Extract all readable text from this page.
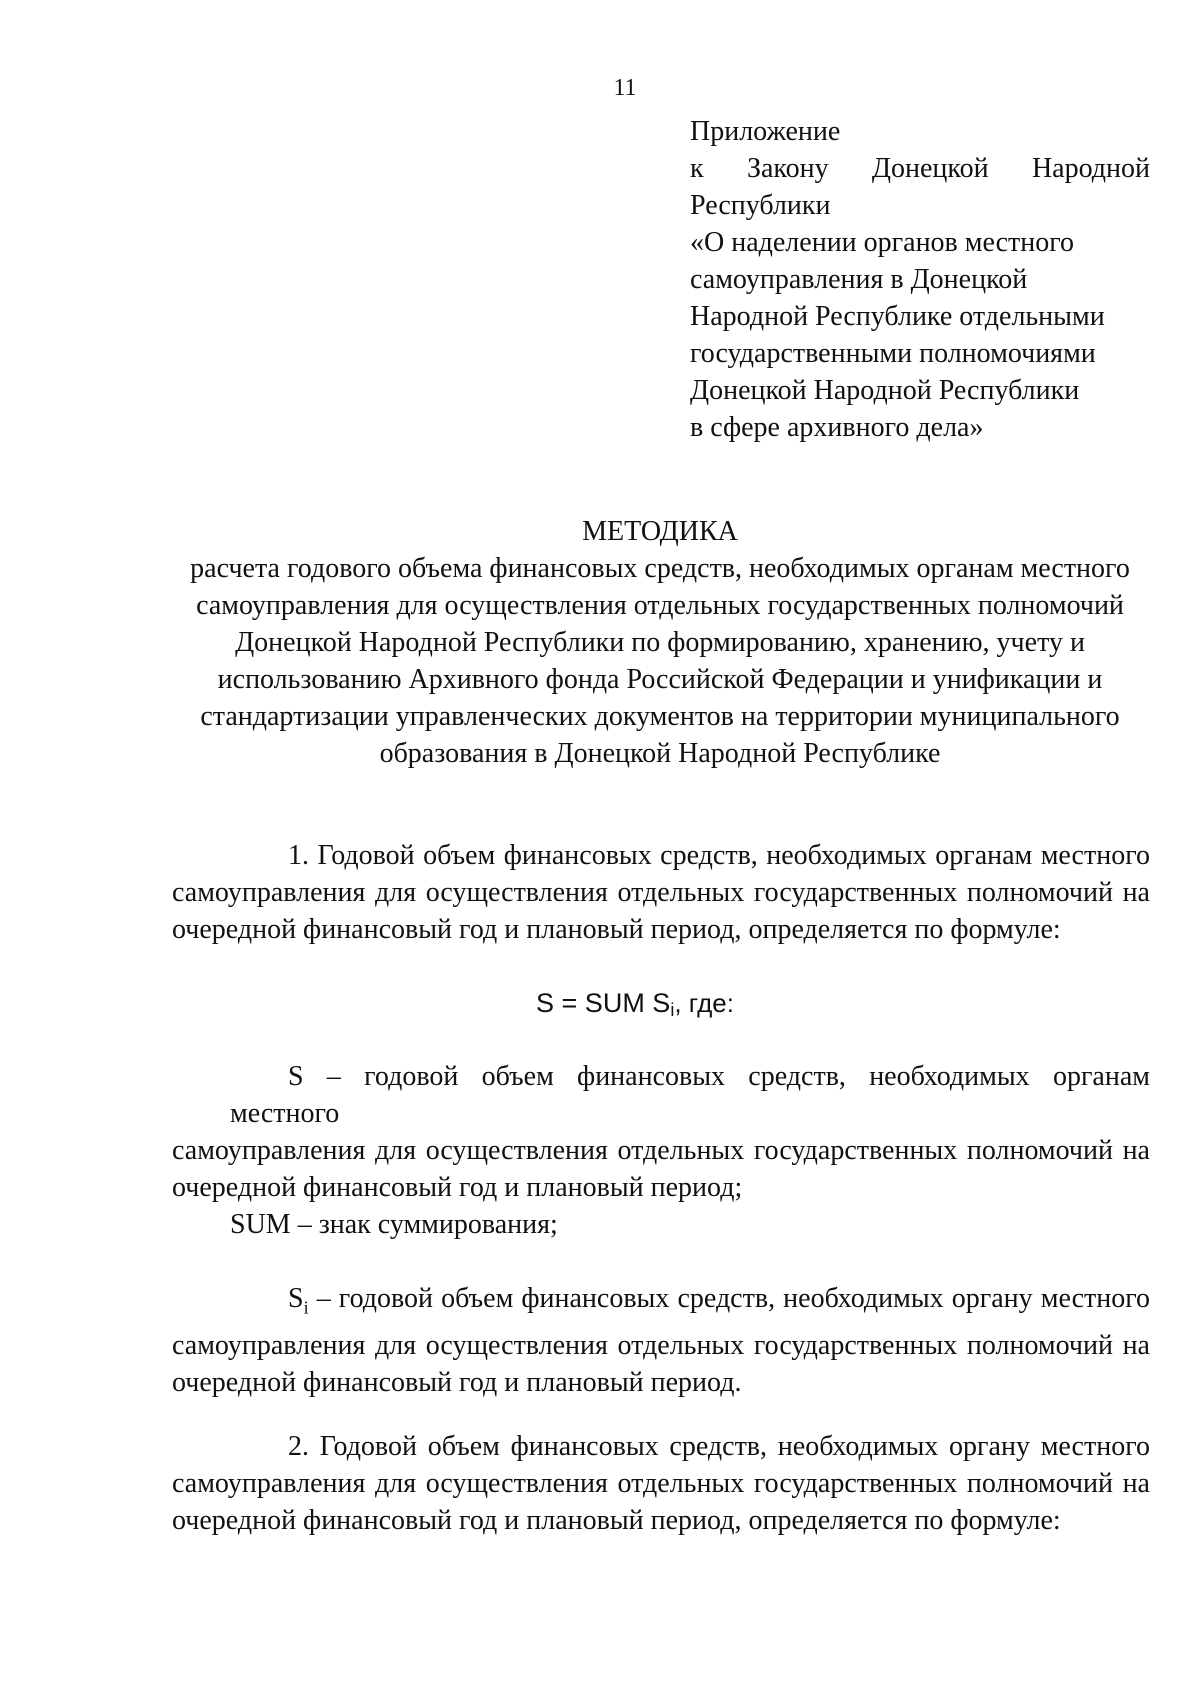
11
Приложение
к Закону Донецкой Народной
Республики
«О наделении органов местного
самоуправления в Донецкой
Народной Республике отдельными
государственными полномочиями
Донецкой Народной Республики
в сфере архивного дела»
МЕТОДИКА
расчета годового объема финансовых средств, необходимых органам местного
самоуправления для осуществления отдельных государственных полномочий
Донецкой Народной Республики по формированию, хранению, учету и
использованию Архивного фонда Российской Федерации и унификации и
стандартизации управленческих документов на территории муниципального
образования в Донецкой Народной Республике
1. Годовой объем финансовых средств, необходимых органам местного
самоуправления для осуществления отдельных государственных полномочий на
очередной финансовый год и плановый период, определяется по формуле:
S = SUM $S_i$, где:
S – годовой объем финансовых средств, необходимых органам местного
самоуправления для осуществления отдельных государственных полномочий на
очередной финансовый год и плановый период;
SUM – знак суммирования;
$S_i$ – годовой объем финансовых средств, необходимых органу местного
самоуправления для осуществления отдельных государственных полномочий на
очередной финансовый год и плановый период.
2. Годовой объем финансовых средств, необходимых органу местного
самоуправления для осуществления отдельных государственных полномочий на
очередной финансовый год и плановый период, определяется по формуле:
